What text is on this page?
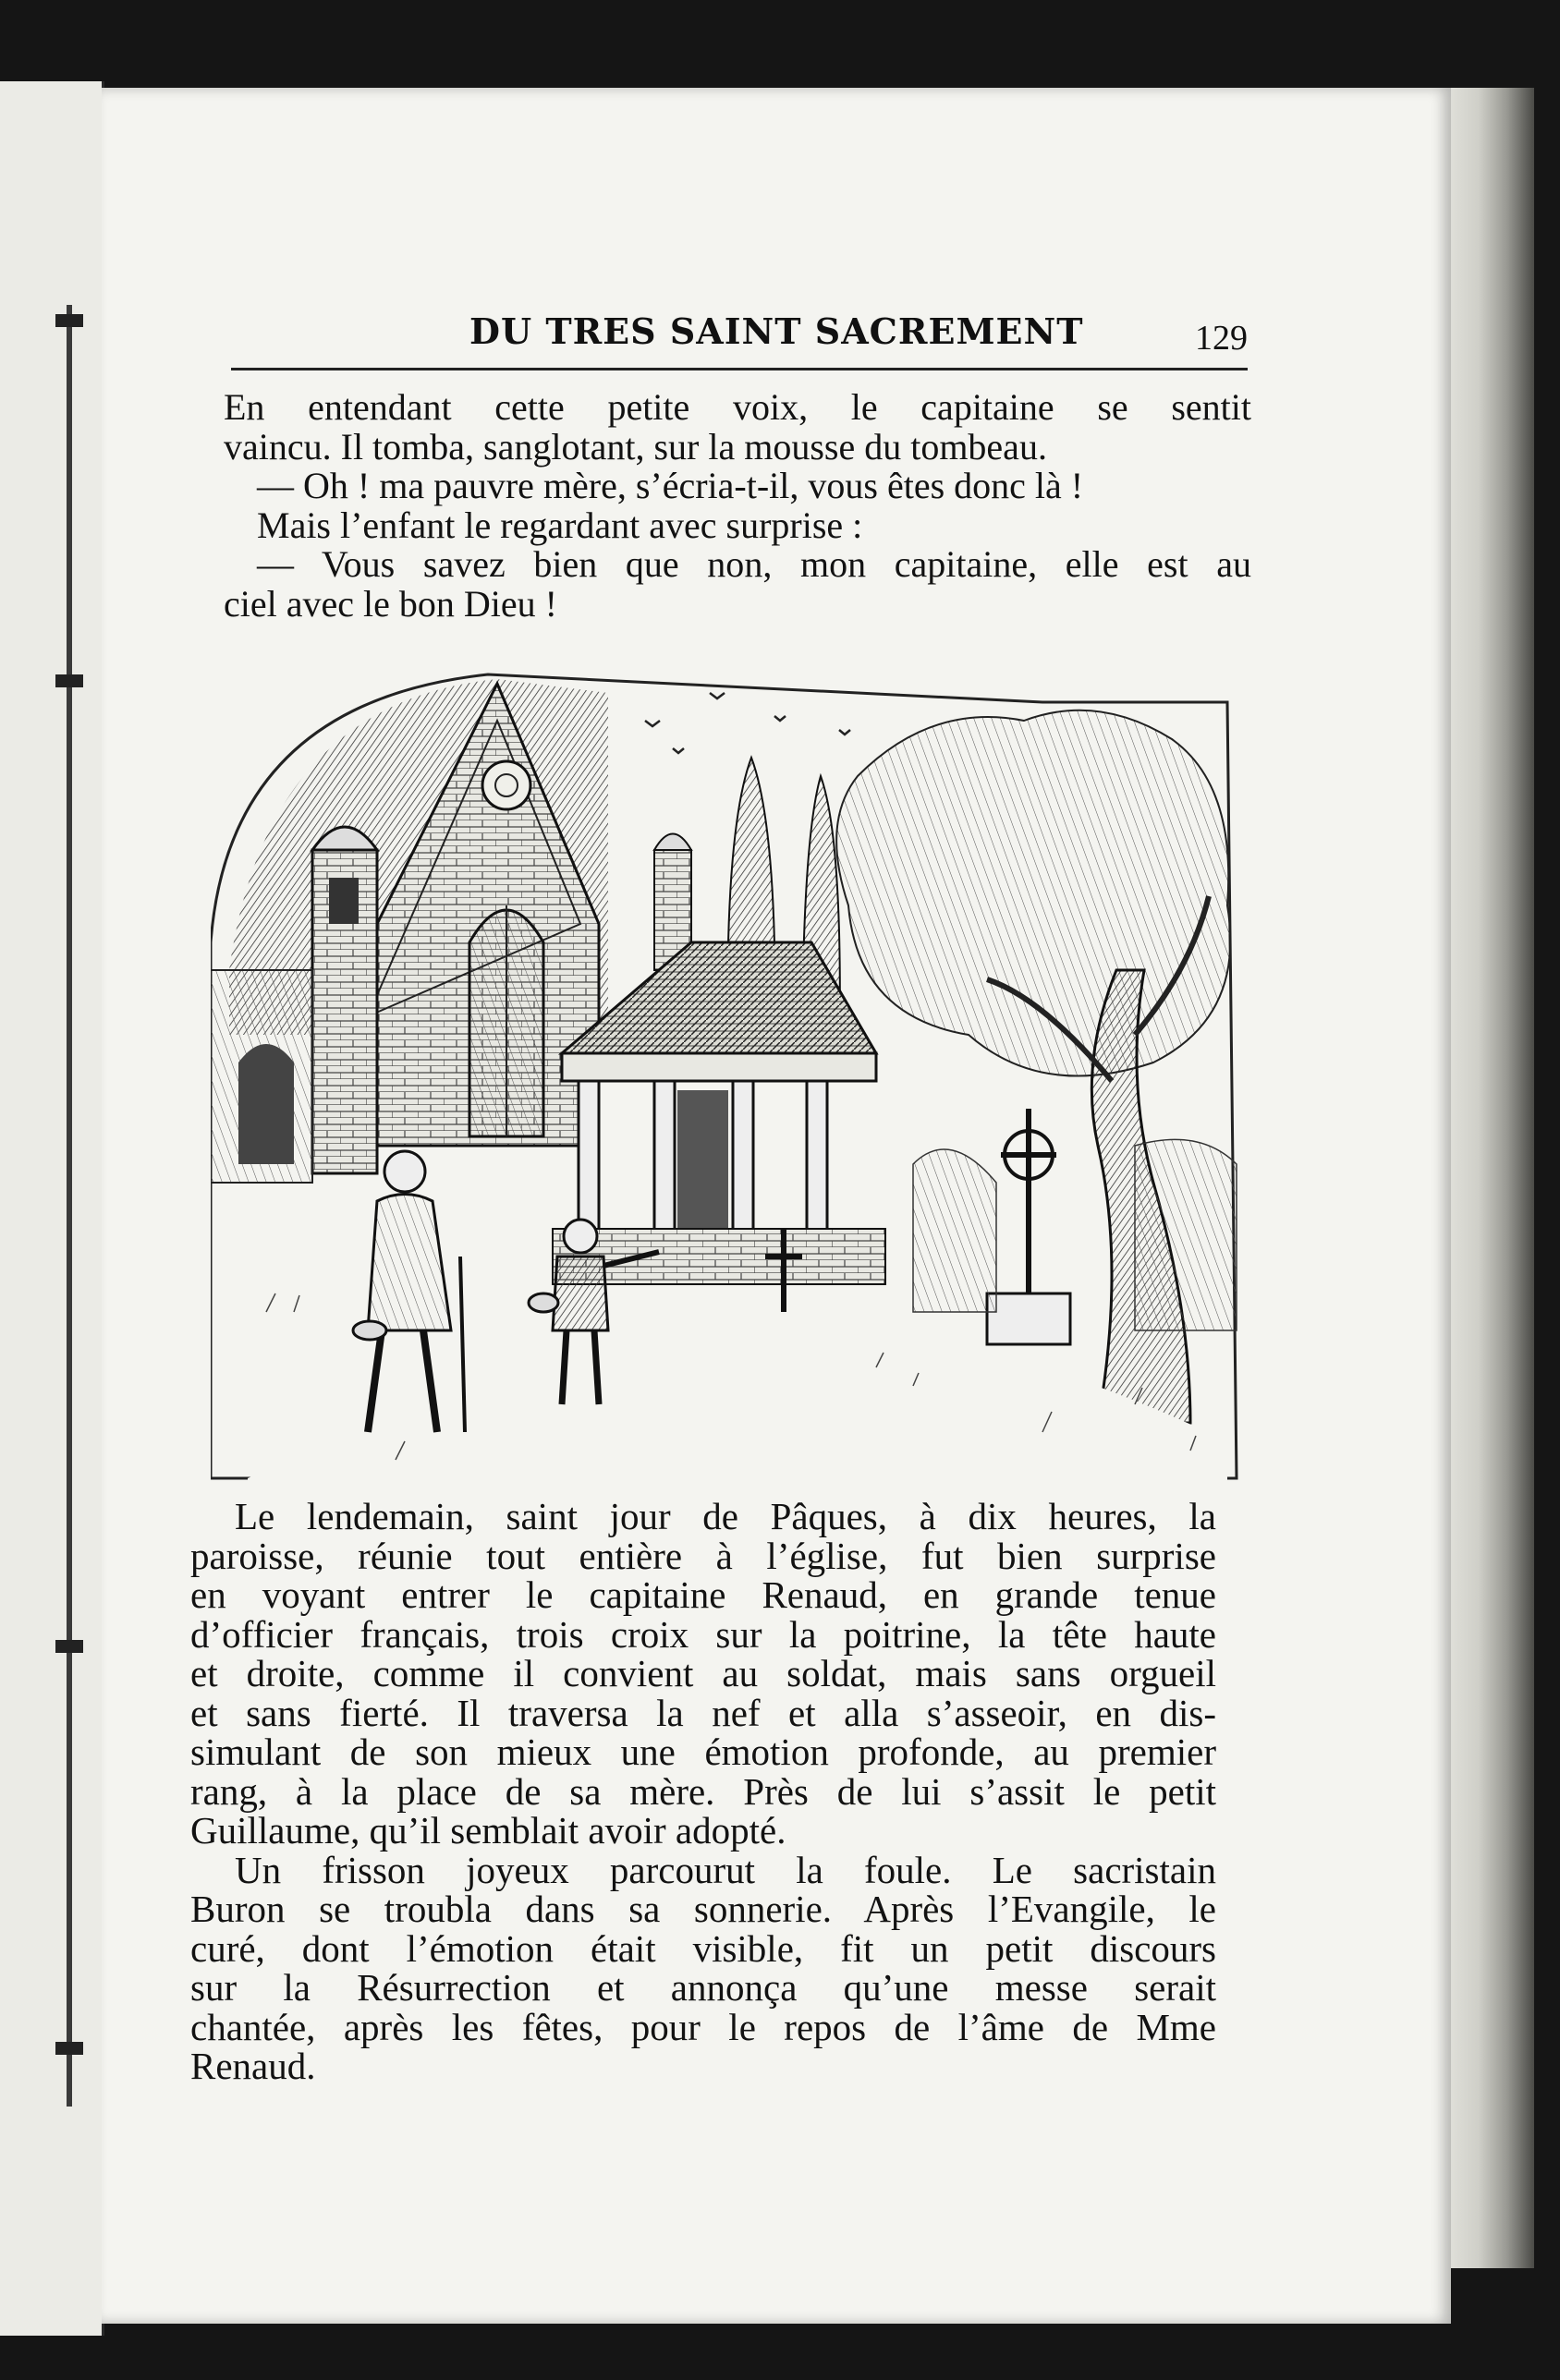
DU TRES SAINT SACREMENT	129

En entendant cette petite voix, le capitaine se sentit
vaincu. Il tomba, sanglotant, sur la mousse du tombeau.
— Oh ! ma pauvre mère, s’écria-t-il, vous êtes donc là !
Mais l’enfant le regardant avec surprise :
— Vous savez bien que non, mon capitaine, elle est au
ciel avec le bon Dieu !

Le lendemain, saint jour de Pâques, à dix heures, la
paroisse, réunie tout entière à l’église, fut bien surprise
en voyant entrer le capitaine Renaud, en grande tenue
d’officier français, trois croix sur la poitrine, la tête haute
et droite, comme il convient au soldat, mais sans orgueil
et sans fierté. Il traversa la nef et alla s’asseoir, en dis-
simulant de son mieux une émotion profonde, au premier
rang, à la place de sa mère. Près de lui s’assit le petit
Guillaume, qu’il semblait avoir adopté.
Un frisson joyeux parcourut la foule. Le sacristain
Buron se troubla dans sa sonnerie. Après l’Evangile, le
curé, dont l’émotion était visible, fit un petit discours
sur la Résurrection et annonça qu’une messe serait
chantée, après les fêtes, pour le repos de l’âme de Mme
Renaud.
